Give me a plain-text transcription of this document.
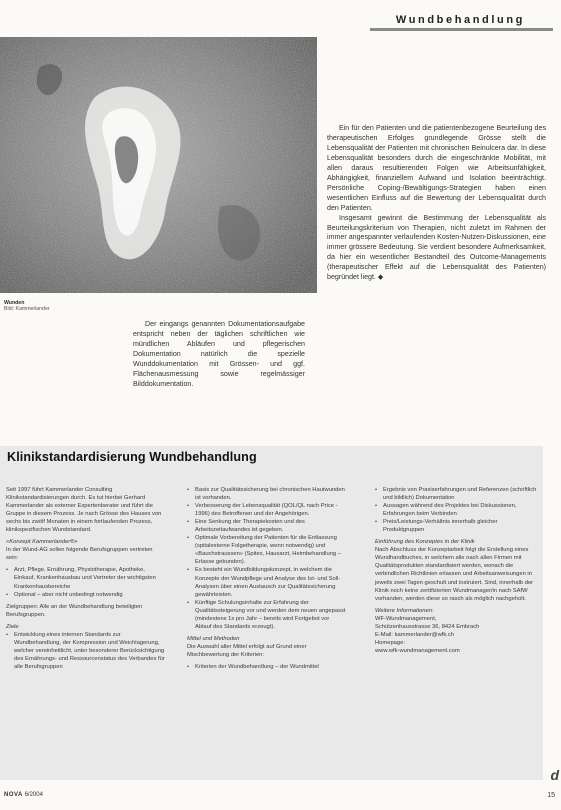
Wundbehandlung
Wunden
Bild: Kammerlander

Der eingangs genannten Dokumentationsaufgabe entspricht neben der täglichen schriftlichen wie mündlichen Abläufen und pflegerischen Dokumentation natürlich die spezielle Wunddokumentation mit Grössen- und ggf. Flächenausmessung sowie regelmässiger Bilddokumentation.

Ein für den Patienten und die patientenbezogene Beurteilung des therapeutischen Erfolges grundlegende Grösse stellt die Lebensqualität der Patienten mit chronischen Beinulcera dar. In diese Lebensqualität besonders durch die eingeschränkte Mobilität, mit allen daraus resultierenden Folgen wie Arbeitsunfähigkeit, Abhängigkeit, finanziellem Aufwand und Isolation beeinträchtigt. Persönliche Coping-/Bewältigungs-Strategien haben einen wesentlichen Einfluss auf die Bewertung der Lebensqualität durch den Patienten.

Insgesamt gewinnt die Bestimmung der Lebensqualität als Beurteilungskriterium von Therapien, nicht zuletzt im Rahmen der immer angespannter verlaufenden Kosten-Nutzen-Diskussionen, eine immer grössere Bedeutung. Sie verdient besondere Aufmerksamkeit, da hier ein wesentlicher Bestandteil des Outcome-Managements (therapeutischer Effekt auf die Lebensqualität des Patienten) begründet liegt. ◆

Klinikstandardisierung Wundbehandlung
Seit 1997 führt Kammerlander Consulting Klinikstandardisierungen durch. Es tut hierbei Gerhard Kammerlander als externer Expertenberater und führt die Gruppe in diesem Prozess. Je nach Grösse des Hauses von sechs bis zwölf Monaten in einem fortlaufenden Prozess, klinikspezifischen Wundstandard.
«Konzept Kammerlander®»
In der Wund-AG sollen folgende Berufsgruppen vertreten sein:
• Arzt, Pflege, Ernährung, Physiotherapie, Apotheke, Einkauf, Krankenhausbau und Vertreter der wichtigsten Krankenhausbereiche
• Optional – aber nicht unbedingt notwendig
Zielgruppen: Alle an der Wundbehandlung beteiligten Berufsgruppen.
Ziele
• Entwicklung eines internen Standards zur Wundbehandlung, der Kompression und Weichlagerung, welcher vereinheitlicht, unter besonderer Berücksichtigung des Ernährungs- und Ressourcenstatus des Verbandes für alle Berufsgruppen
• Basis zur Qualitätssicherung bei chronischen Hautwunden ist vorhanden.
• Verbesserung der Lebensqualität (QOL/QL nach Price - 1996) des Betroffenen und der Angehörigen.
• Eine Senkung der Therapiekosten und des Arbeitszeitaufwandes ist gegeben.
• Optimale Vorbereitung der Patienten für die Entlassung (spitalexterne Folgetherapie, wenn notwendig) und «Bauchstraussen» (Spitex, Hausarzt, Heimbehandlung – Erlasse gebunden).
• Es besteht ein Wundbildungskonzept, in welchem die Konzepte der Wundpflege und Analyse des Ist- und Soll-Analysen über einen Austausch zur Qualitätssicherung gewährleisten.
• Künftige Schulungsinhalte zur Erfahrung der Qualitätssteigerung vor und werden dem neuen angepasst (mindestens 1x pro Jahr – bereits wird Fortgebot vor Ablauf des Standards erzeugt).
Mittel und Methoden
Die Auswahl aller Mittel erfolgt auf Grund einer Mischbewertung der Kriterien:
• Kriterien der Wundbehandlung – der Wundmittel
• Ergebnis von Praxiserfahrungen und Referenzen (schriftlich und bildlich) Dokumentation
• Aussagen während des Projektes bei Diskussionen, Erfahrungen beim Verbinden
• Preis/Leistungs-Verhältnis innerhalb gleicher Produktgruppen
Einführung des Konzeptes in der Klinik
Nach Abschluss der Konzeptarbeit folgt die Erstellung eines Wundhandbuches, in welchem alle nach allen Firmen mit Qualitätsprodukten standardisiert werden, wonach die verbindlichen Richtlinien erlassen und Arbeitsanweisungen in jeweils zwei Tagen geschult und instruiert. Sind, innerhalb der Klinik noch keine zertifizierten Wundmanager/in nach SAfW vorhanden, werden diese so rasch als möglich nachgeholt.
Weitere Informationen:
WF-Wundmanagement,
Schützenhausstrasse 36, 8424 Embrach
E-Mail: kammerlander@wfk.ch
Homepage:
www.wfk-wundmanagement.com
d
NOVA 6/2004	15
